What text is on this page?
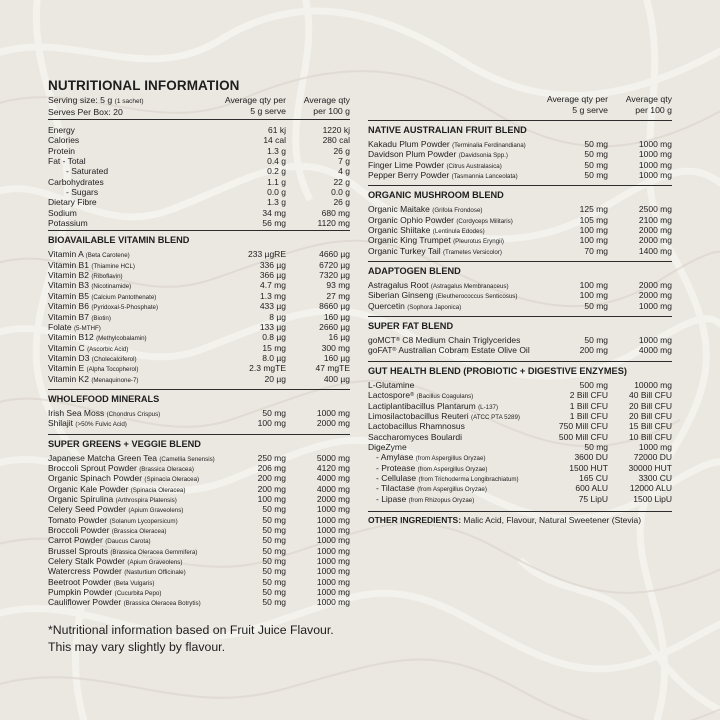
NUTRITIONAL INFORMATION
Serving size: 5 g (1 sachet)
Serves Per Box: 20
Average qty per
5 g serve
Average qty
per 100 g
Energy	61 kj	1220 kj
Calories	14 cal	280 cal
Protein	1.3 g	26 g
Fat - Total	0.4 g	7 g
- Saturated	0.2 g	4 g
Carbohydrates	1.1 g	22 g
- Sugars	0.0 g	0.0 g
Dietary Fibre	1.3 g	26 g
Sodium	34 mg	680 mg
Potassium	56 mg	1120 mg
BIOAVAILABLE VITAMIN BLEND
Vitamin A (Beta Carotene)	233 µgRE	4660 µg
Vitamin B1 (Thiamine HCL)	336 µg	6720 µg
Vitamin B2 (Riboflavin)	366 µg	7320 µg
Vitamin B3 (Nicotinamide)	4.7 mg	93 mg
Vitamin B5 (Calcium Pantothenate)	1.3 mg	27 mg
Vitamin B6 (Pyridoxal-5-Phosphate)	433 µg	8660 µg
Vitamin B7 (Biotin)	8 µg	160 µg
Folate (5-MTHF)	133 µg	2660 µg
Vitamin B12 (Methylcobalamin)	0.8 µg	16 µg
Vitamin C (Ascorbic Acid)	15 mg	300 mg
Vitamin D3 (Cholecalciferol)	8.0 µg	160 µg
Vitamin E (Alpha Tocopherol)	2.3 mgTE	47 mgTE
Vitamin K2 (Menaquinone-7)	20 µg	400 µg
WHOLEFOOD MINERALS
Irish Sea Moss (Chondrus Crispus)	50 mg	1000 mg
Shilajit (>50% Fulvic Acid)	100 mg	2000 mg
SUPER GREENS + VEGGIE BLEND
Japanese Matcha Green Tea (Camellia Senensis)	250 mg	5000 mg
Broccoli Sprout Powder (Brassica Oleracea)	206 mg	4120 mg
Organic Spinach Powder (Spinacia Oleracea)	200 mg	4000 mg
Organic Kale Powder (Spinacia Oleracea)	200 mg	4000 mg
Organic Spirulina (Arthrospira Platensis)	100 mg	2000 mg
Celery Seed Powder (Apium Graveolens)	50 mg	1000 mg
Tomato Powder (Solanum Lycopersicum)	50 mg	1000 mg
Broccoli Powder (Brassica Oleracea)	50 mg	1000 mg
Carrot Powder (Daucus Carota)	50 mg	1000 mg
Brussel Sprouts (Brassica Oleracea Gemmifera)	50 mg	1000 mg
Celery Stalk Powder (Apium Graveolens)	50 mg	1000 mg
Watercress Powder (Nasturtium Officinale)	50 mg	1000 mg
Beetroot Powder (Beta Vulgaris)	50 mg	1000 mg
Pumpkin Powder (Cucurbita Pepo)	50 mg	1000 mg
Cauliflower Powder (Brassica Oleracea Botrytis)	50 mg	1000 mg
Average qty per
5 g serve
Average qty
per 100 g
NATIVE AUSTRALIAN FRUIT BLEND
Kakadu Plum Powder (Terminalia Ferdinandiana)	50 mg	1000 mg
Davidson Plum Powder (Davidsonia Spp.)	50 mg	1000 mg
Finger Lime Powder (Citrus Australasica)	50 mg	1000 mg
Pepper Berry Powder (Tasmannia Lanceolata)	50 mg	1000 mg
ORGANIC MUSHROOM BLEND
Organic Maitake (Grifola Frondose)	125 mg	2500 mg
Organic Ophio Powder (Cordyceps Militaris)	105 mg	2100 mg
Organic Shiitake (Lentinula Edodes)	100 mg	2000 mg
Organic King Trumpet (Pleurotus Eryngii)	100 mg	2000 mg
Organic Turkey Tail (Trametes Versicolor)	70 mg	1400 mg
ADAPTOGEN BLEND
Astragalus Root (Astragalus Membranaceus)	100 mg	2000 mg
Siberian Ginseng (Eleutherococcus Senticosus)	100 mg	2000 mg
Quercetin (Sophora Japonica)	50 mg	1000 mg
SUPER FAT BLEND
goMCT® C8 Medium Chain Triglycerides	50 mg	1000 mg
goFAT® Australian Cobram Estate Olive Oil	200 mg	4000 mg
GUT HEALTH BLEND (PROBIOTIC + DIGESTIVE ENZYMES)
L-Glutamine	500 mg	10000 mg
Lactospore® (Bacillus Coagulans)	2 Bill CFU	40 Bill CFU
Lactiplantibacillus Plantarum (L-137)	1 Bill CFU	20 Bill CFU
Limosilactobacillus Reuteri (ATCC PTA 5289)	1 Bill CFU	20 Bill CFU
Lactobacillus Rhamnosus	750 Mill CFU	15 Bill CFU
Saccharomyces Boulardi	500 Mill CFU	10 Bill CFU
DigeZyme	50 mg	1000 mg
- Amylase (from Aspergillus Oryzae)	3600 DU	72000 DU
- Protease (from Aspergillus Oryzae)	1500 HUT	30000 HUT
- Cellulase (from Trichoderma Longibrachiatum)	165 CU	3300 CU
- Tilactase (from Aspergillus Oryzae)	600 ALU	12000 ALU
- Lipase (from Rhizopus Oryzae)	75 LipU	1500 LipU
OTHER INGREDIENTS: Malic Acid, Flavour, Natural Sweetener (Stevia)
*Nutritional information based on Fruit Juice Flavour.
This may vary slightly by flavour.
